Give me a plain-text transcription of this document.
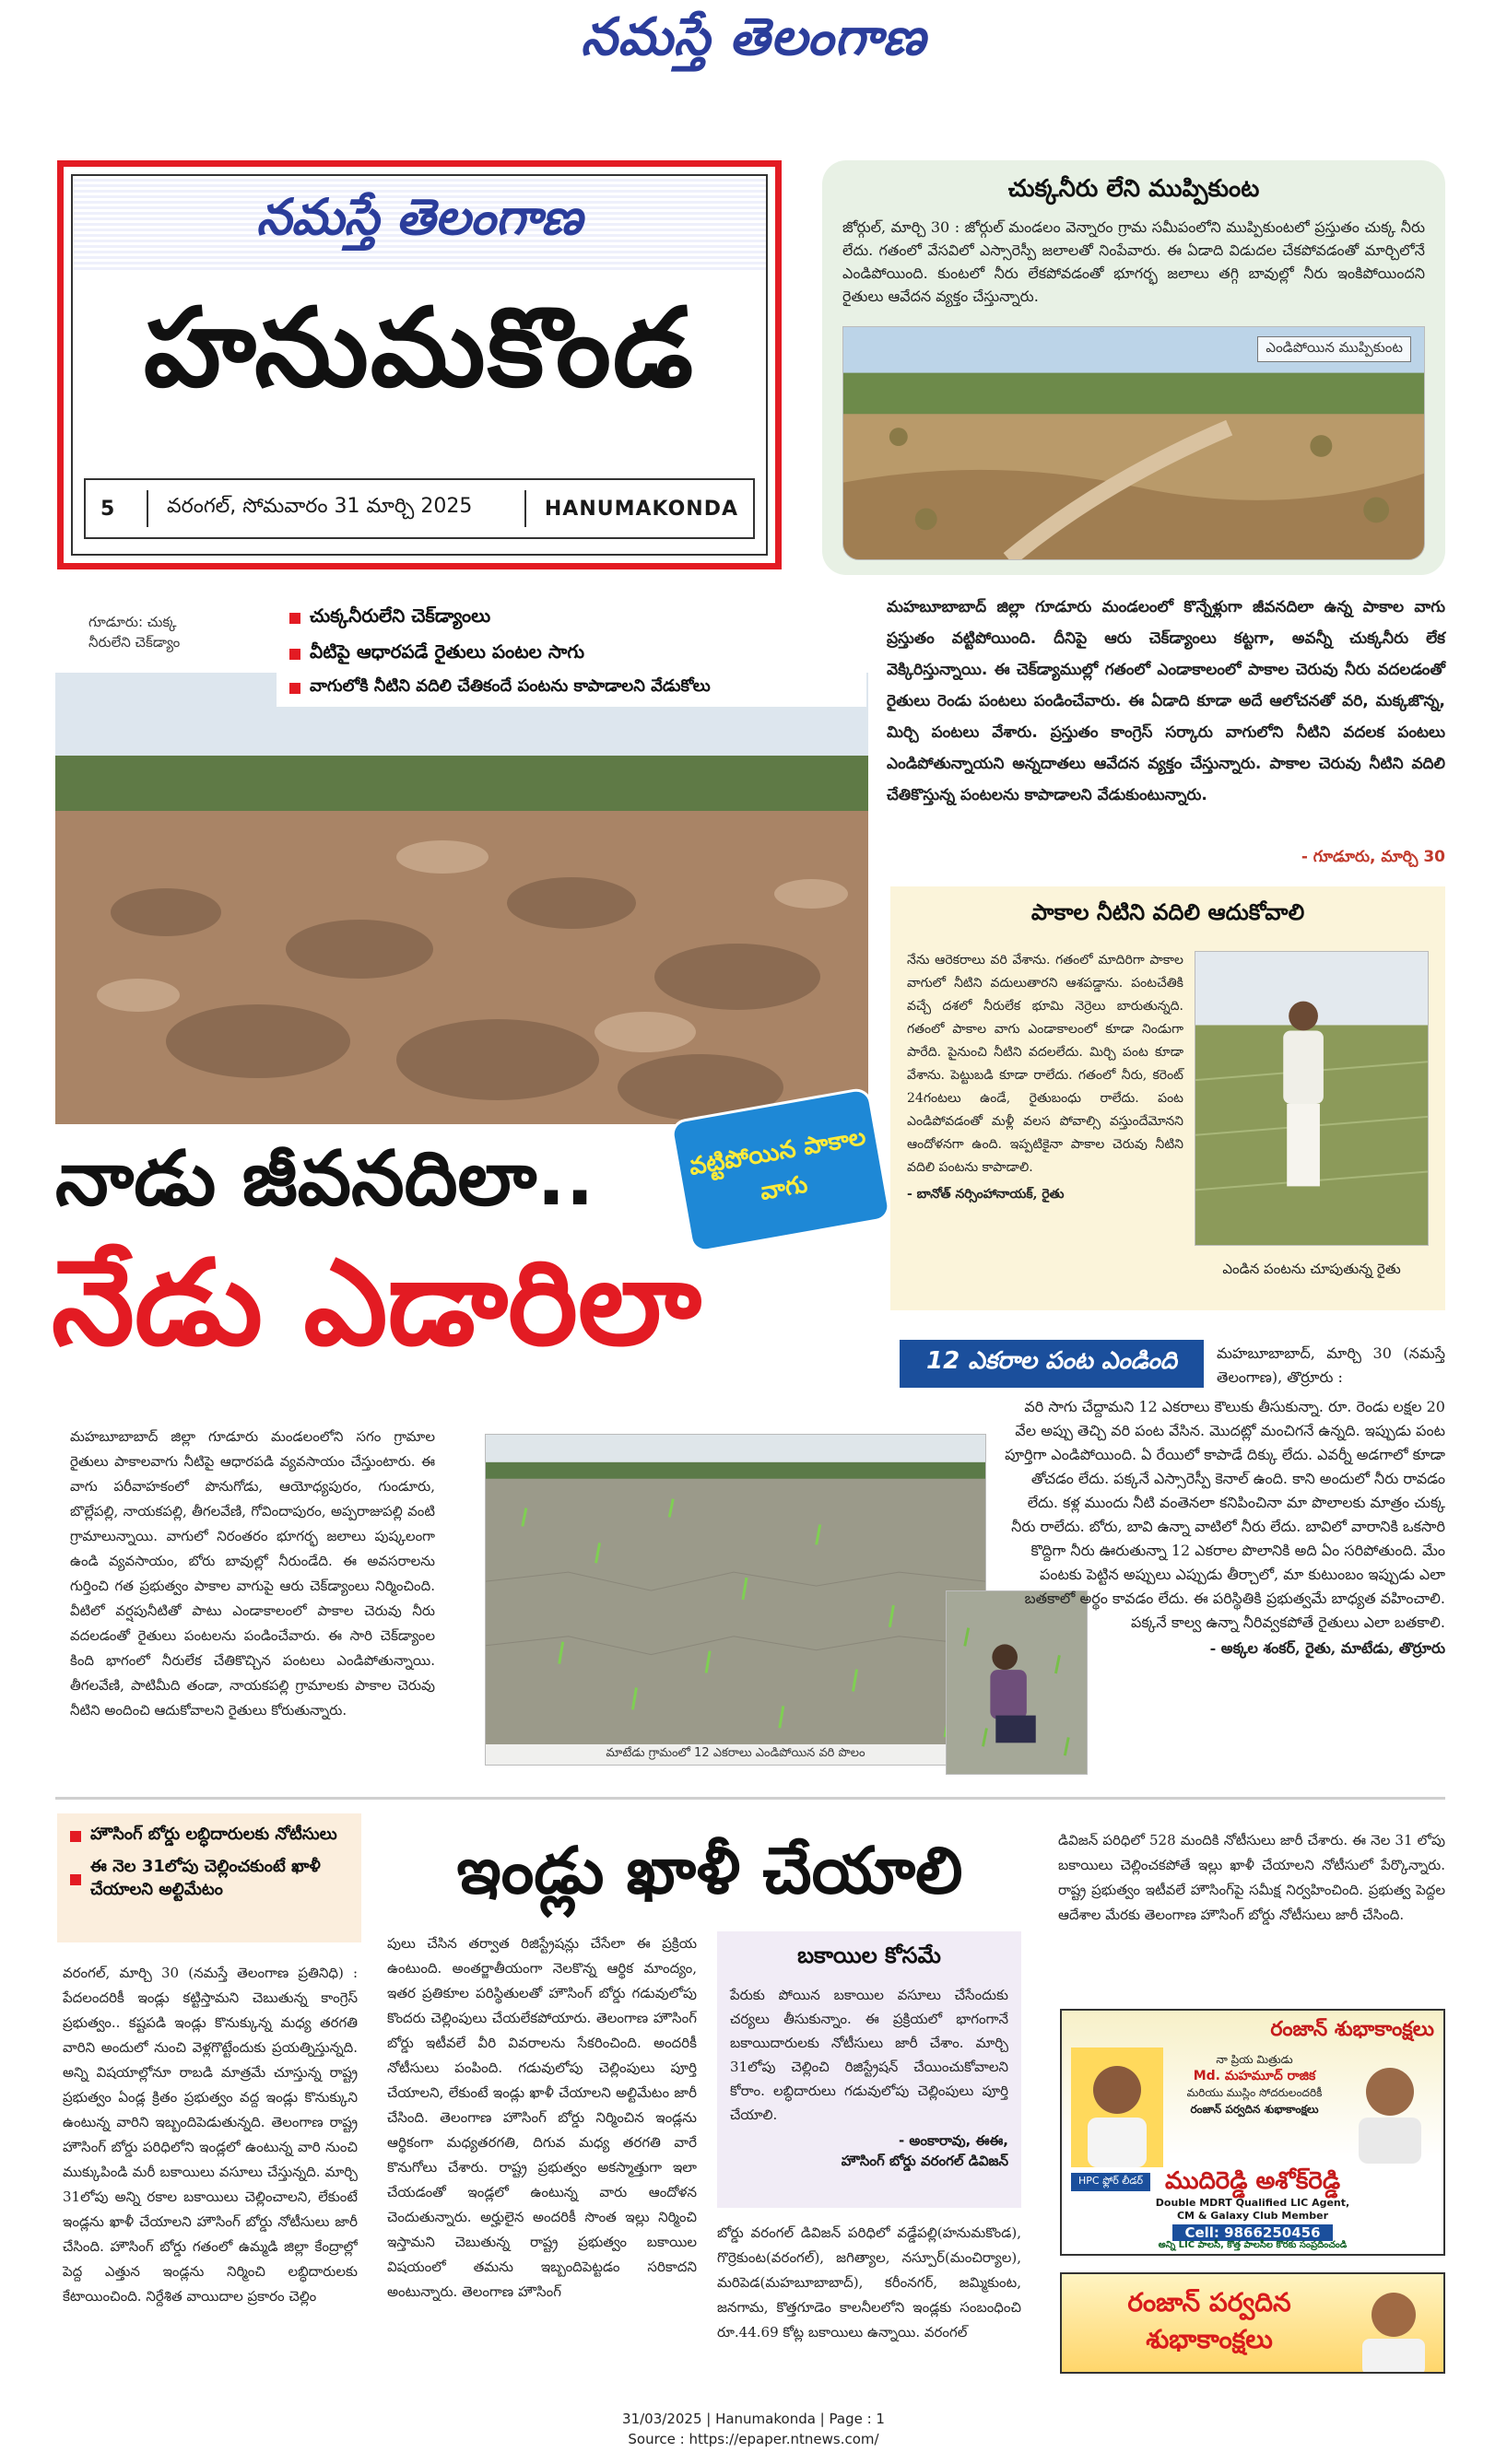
నమస్తే తెలంగాణ
నమస్తే తెలంగాణ
హనుమకొండ
5	వరంగల్, సోమవారం 31 మార్చి 2025	HANUMAKONDA
చుక్కనీరు లేని ముప్పికుంట
జోర్గుల్, మార్చి 30 : జోర్గుల్ మండలం వెన్నారం గ్రామ సమీపంలోని ముప్పికుంటలో ప్రస్తుతం చుక్క నీరు లేదు. గతంలో వేసవిలో ఎస్సారెస్పీ జలాలతో నింపేవారు. ఈ ఏడాది విడుదల చేకపోవడంతో మార్చిలోనే ఎండిపోయింది. కుంటలో నీరు లేకపోవడంతో భూగర్భ జలాలు తగ్గి బావుల్లో నీరు ఇంకిపోయిందని రైతులు ఆవేదన వ్యక్తం చేస్తున్నారు.
ఎండిపోయిన ముప్పికుంట
గూడూరు: చుక్క నీరులేని చెక్‌డ్యాం
చుక్కనీరులేని చెక్‌డ్యాంలు
వీటిపై ఆధారపడే రైతులు పంటల సాగు
వాగులోకి నీటిని వదిలి చేతికందే పంటను కాపాడాలని వేడుకోలు
మహబూబాబాద్ జిల్లా గూడూరు మండలంలో కొన్నేళ్లుగా జీవనదిలా ఉన్న పాకాల వాగు ప్రస్తుతం వట్టిపోయింది. దీనిపై ఆరు చెక్‌డ్యాంలు కట్టగా, అవన్నీ చుక్కనీరు లేక వెక్కిరిస్తున్నాయి. ఈ చెక్‌డ్యాముల్లో గతంలో ఎండాకాలంలో పాకాల చెరువు నీరు వదలడంతో రైతులు రెండు పంటలు పండించేవారు. ఈ ఏడాది కూడా అదే ఆలోచనతో వరి, మక్కజొన్న, మిర్చి పంటలు వేశారు. ప్రస్తుతం కాంగ్రెస్ సర్కారు వాగులోని నీటిని వదలక పంటలు ఎండిపోతున్నాయని అన్నదాతలు ఆవేదన వ్యక్తం చేస్తున్నారు. పాకాల చెరువు నీటిని వదిలి చేతికొస్తున్న పంటలను కాపాడాలని వేడుకుంటున్నారు.
- గూడూరు, మార్చి 30
పాకాల నీటిని వదిలి ఆదుకోవాలి
నేను ఆరెకరాలు వరి వేశాను. గతంలో మాదిరిగా పాకాల వాగులో నీటిని వదులుతారని ఆశపడ్డాను. పంటచేతికి వచ్చే దశలో నీరులేక భూమి నెర్రెలు బారుతున్నది. గతంలో పాకాల వాగు ఎండాకాలంలో కూడా నిండుగా పారేది. పైనుంచి నీటిని వదలలేదు. మిర్చి పంట కూడా వేశాను. పెట్టుబడి కూడా రాలేదు. గతంలో నీరు, కరెంట్ 24గంటలు ఉండే, రైతుబంధు రాలేదు. పంట ఎండిపోవడంతో మళ్లీ వలస పోవాల్సి వస్తుందేమోనని ఆందోళనగా ఉంది. ఇప్పటికైనా పాకాల చెరువు నీటిని వదిలి పంటను కాపాడాలి.
- బానోత్ నర్సింహానాయక్, రైతు
ఎండిన పంటను చూపుతున్న రైతు
నాడు జీవనదిలా..	వట్టిపోయిన పాకాల వాగు
నేడు ఎడారిలా
మహబూబాబాద్ జిల్లా గూడూరు మండలంలోని సగం గ్రామాల రైతులు పాకాలవాగు నీటిపై ఆధారపడి వ్యవసాయం చేస్తుంటారు. ఈ వాగు పరీవాహకంలో పొనుగోడు, ఆయోధ్యపురం, గుండూరు, బొల్లేపల్లి, నాయకపల్లి, తీగలవేణి, గోవిందాపురం, అప్పరాజుపల్లి వంటి గ్రామాలున్నాయి. వాగులో నిరంతరం భూగర్భ జలాలు పుష్కలంగా ఉండి వ్యవసాయం, బోరు బావుల్లో నీరుండేది. ఈ అవసరాలను గుర్తించి గత ప్రభుత్వం పాకాల వాగుపై ఆరు చెక్‌డ్యాంలు నిర్మించింది. వీటిలో వర్షపునీటితో పాటు ఎండాకాలంలో పాకాల చెరువు నీరు వదలడంతో రైతులు పంటలను పండించేవారు. ఈ సారి చెక్‌డ్యాంల కింది భాగంలో నీరులేక చేతికొచ్చిన పంటలు ఎండిపోతున్నాయి. తీగలవేణి, పాటిమీది తండా, నాయకపల్లి గ్రామాలకు పాకాల చెరువు నీటిని అందించి ఆదుకోవాలని రైతులు కోరుతున్నారు.
మాటేడు గ్రామంలో 12 ఎకరాలు ఎండిపోయిన వరి పొలం
12 ఎకరాల పంట ఎండింది	మహబూబాబాద్, మార్చి 30 (నమస్తే తెలంగాణ), తొర్రూరు :
వరి సాగు చేద్దామని 12 ఎకరాలు కౌలుకు తీసుకున్నా. రూ. రెండు లక్షల 20 వేల అప్పు తెచ్చి వరి పంట వేసిన. మొదట్లో మంచిగనే ఉన్నది. ఇప్పుడు పంట పూర్తిగా ఎండిపోయింది. ఏ రేయిలో కాపాడే దిక్కు లేదు. ఎవర్నీ అడగాలో కూడా తోచడం లేదు. పక్కనే ఎస్సారెస్పీ కెనాల్ ఉంది. కాని అందులో నీరు రావడం లేదు. కళ్ల ముందు నీటి వంతెనలా కనిపించినా మా పొలాలకు మాత్రం చుక్క నీరు రాలేదు. బోరు, బావి ఉన్నా వాటిలో నీరు లేదు. బావిలో వారానికి ఒకసారి కొద్దిగా నీరు ఊరుతున్నా 12 ఎకరాల పొలానికి అది ఏం సరిపోతుంది. మేం పంటకు పెట్టిన అప్పులు ఎప్పుడు తీర్చాలో, మా కుటుంబం ఇప్పుడు ఎలా బతకాలో అర్థం కావడం లేదు. ఈ పరిస్థితికి ప్రభుత్వమే బాధ్యత వహించాలి. పక్కనే కాల్వ ఉన్నా నీరివ్వకపోతే రైతులు ఎలా బతకాలి.
- అక్కల శంకర్, రైతు, మాటేడు, తొర్రూరు
హౌసింగ్ బోర్డు లబ్ధిదారులకు నోటీసులు
ఈ నెల 31లోపు చెల్లించకుంటే ఖాళీ చేయాలని అల్టిమేటం	ఇండ్లు ఖాళీ చేయాలి
వరంగల్, మార్చి 30 (నమస్తే తెలంగాణ ప్రతినిధి) : పేదలందరికీ ఇండ్లు కట్టిస్తామని చెబుతున్న కాంగ్రెస్ ప్రభుత్వం.. కష్టపడి ఇండ్లు కొనుక్కున్న మధ్య తరగతి వారిని అందులో నుంచి వెళ్లగొట్టేందుకు ప్రయత్నిస్తున్నది. అన్ని విషయాల్లోనూ రాబడి మాత్రమే చూస్తున్న రాష్ట్ర ప్రభుత్వం ఏండ్ల క్రితం ప్రభుత్వం వద్ద ఇండ్లు కొనుక్కుని ఉంటున్న వారిని ఇబ్బందిపెడుతున్నది. తెలంగాణ రాష్ట్ర హౌసింగ్ బోర్డు పరిధిలోని ఇండ్లలో ఉంటున్న వారి నుంచి ముక్కుపిండి మరీ బకాయిలు వసూలు చేస్తున్నది. మార్చి 31లోపు అన్ని రకాల బకాయిలు చెల్లించాలని, లేకుంటే ఇండ్లను ఖాళీ చేయాలని హౌసింగ్ బోర్డు నోటీసులు జారీ చేసింది. హౌసింగ్ బోర్డు గతంలో ఉమ్మడి జిల్లా కేంద్రాల్లో పెద్ద ఎత్తున ఇండ్లను నిర్మించి లబ్ధిదారులకు కేటాయించింది. నిర్దేశిత వాయిదాల ప్రకారం చెల్లిం
పులు చేసిన తర్వాత రిజిస్ట్రేషన్లు చేసేలా ఈ ప్రక్రియ ఉంటుంది. అంతర్జాతీయంగా నెలకొన్న ఆర్థిక మాంద్యం, ఇతర ప్రతికూల పరిస్థితులతో హౌసింగ్ బోర్డు గడువులోపు కొందరు చెల్లింపులు చేయలేకపోయారు. తెలంగాణ హౌసింగ్ బోర్డు ఇటీవలే వీరి వివరాలను సేకరించింది. అందరికీ నోటీసులు పంపింది. గడువులోపు చెల్లింపులు పూర్తి చేయాలని, లేకుంటే ఇండ్లు ఖాళీ చేయాలని అల్టిమేటం జారీ చేసింది. తెలంగాణ హౌసింగ్ బోర్డు నిర్మించిన ఇండ్లను ఆర్థికంగా మధ్యతరగతి, దిగువ మధ్య తరగతి వారే కొనుగోలు చేశారు. రాష్ట్ర ప్రభుత్వం అకస్మాత్తుగా ఇలా చేయడంతో ఇండ్లలో ఉంటున్న వారు ఆందోళన చెందుతున్నారు. అర్హులైన అందరికీ సొంత ఇల్లు నిర్మించి ఇస్తామని చెబుతున్న రాష్ట్ర ప్రభుత్వం బకాయిల విషయంలో తమను ఇబ్బందిపెట్టడం సరికాదని అంటున్నారు. తెలంగాణ హౌసింగ్
బకాయిల కోసమే
పేరుకు పోయిన బకాయిల వసూలు చేసేందుకు చర్యలు తీసుకున్నాం. ఈ ప్రక్రియలో భాగంగానే బకాయిదారులకు నోటీసులు జారీ చేశాం. మార్చి 31లోపు చెల్లించి రిజిస్ట్రేషన్ చేయించుకోవాలని కోరాం. లబ్ధిదారులు గడువులోపు చెల్లింపులు పూర్తి చేయాలి.
- అంకారావు, ఈఈ,
హౌసింగ్ బోర్డు వరంగల్ డివిజన్
బోర్డు వరంగల్ డివిజన్ పరిధిలో వడ్డేపల్లి(హనుమకొండ), గొర్రెకుంట(వరంగల్), జగిత్యాల, నస్పూర్(మంచిర్యాల), మరిపెడ(మహబూబాబాద్), కరీంనగర్, జమ్మికుంట, జనగామ, కొత్తగూడెం కాలనీలలోని ఇండ్లకు సంబంధించి రూ.44.69 కోట్ల బకాయిలు ఉన్నాయి. వరంగల్
డివిజన్ పరిధిలో 528 మందికి నోటీసులు జారీ చేశారు. ఈ నెల 31 లోపు బకాయిలు చెల్లించకపోతే ఇల్లు ఖాళీ చేయాలని నోటీసులో పేర్కొన్నారు. రాష్ట్ర ప్రభుత్వం ఇటీవలే హౌసింగ్‌పై సమీక్ష నిర్వహించింది. ప్రభుత్వ పెద్దల ఆదేశాల మేరకు తెలంగాణ హౌసింగ్ బోర్డు నోటీసులు జారీ చేసింది.
రంజాన్ శుభాకాంక్షలు
నా ప్రియ మిత్రుడు
Md. మహమూద్ రాజిక
మరియు ముస్లిం సోదరులందరికీ
రంజాన్ పర్వదిన శుభాకాంక్షలు
HPC ఫ్లోర్ లీడర్ ముదిరెడ్డి అశోక్‌రెడ్డి
Double MDRT Qualified LIC Agent,
CM & Galaxy Club Member
Cell: 9866250456
అన్ని LIC పాలసీ, కొత్త పాలసీల కొరకు సంప్రదించండి
రంజాన్ పర్వదిన శుభాకాంక్షలు
31/03/2025 | Hanumakonda | Page : 1
Source : https://epaper.ntnews.com/
